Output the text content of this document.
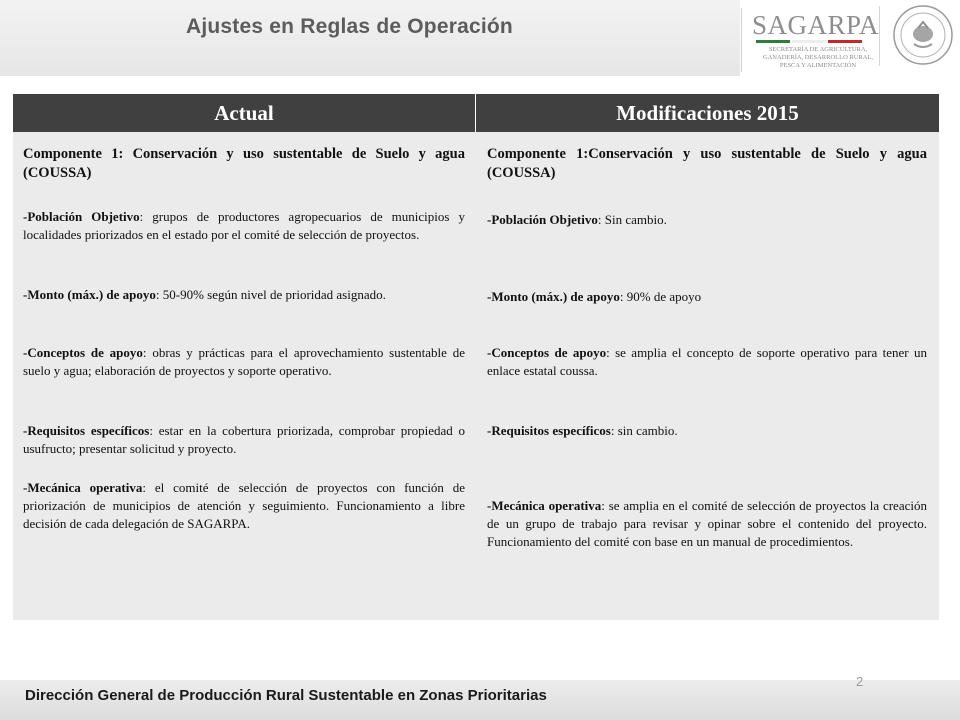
Ajustes en Reglas de Operación	SAGARPA
SECRETARÍA DE AGRICULTURA,
GANADERÍA, DESARROLLO RURAL,
PESCA Y ALIMENTACIÓN
Actual	Modificaciones 2015

Componente 1: Conservación y uso sustentable de Suelo y agua (COUSSA)

-Población Objetivo: grupos de productores agropecuarios de municipios y localidades priorizados en el estado por el comité de selección de proyectos.

-Monto (máx.) de apoyo: 50-90% según nivel de prioridad asignado.

-Conceptos de apoyo: obras y prácticas para el aprovechamiento sustentable de suelo y agua; elaboración de proyectos y soporte operativo.

-Requisitos específicos: estar en la cobertura priorizada, comprobar propiedad o usufructo; presentar solicitud y proyecto.

-Mecánica operativa: el comité de selección de proyectos con función de priorización de municipios de atención y seguimiento. Funcionamiento a libre decisión de cada delegación de SAGARPA.

Componente 1:Conservación y uso sustentable de Suelo y agua (COUSSA)

-Población Objetivo: Sin cambio.

-Monto (máx.) de apoyo: 90% de apoyo

-Conceptos de apoyo: se amplia el concepto de soporte operativo para tener un enlace estatal coussa.

-Requisitos específicos: sin cambio.

-Mecánica operativa: se amplia en el comité de selección de proyectos la creación de un grupo de trabajo para revisar y opinar sobre el contenido del proyecto. Funcionamiento del comité con base en un manual de procedimientos.

Dirección General de Producción Rural Sustentable en Zonas Prioritarias
2
